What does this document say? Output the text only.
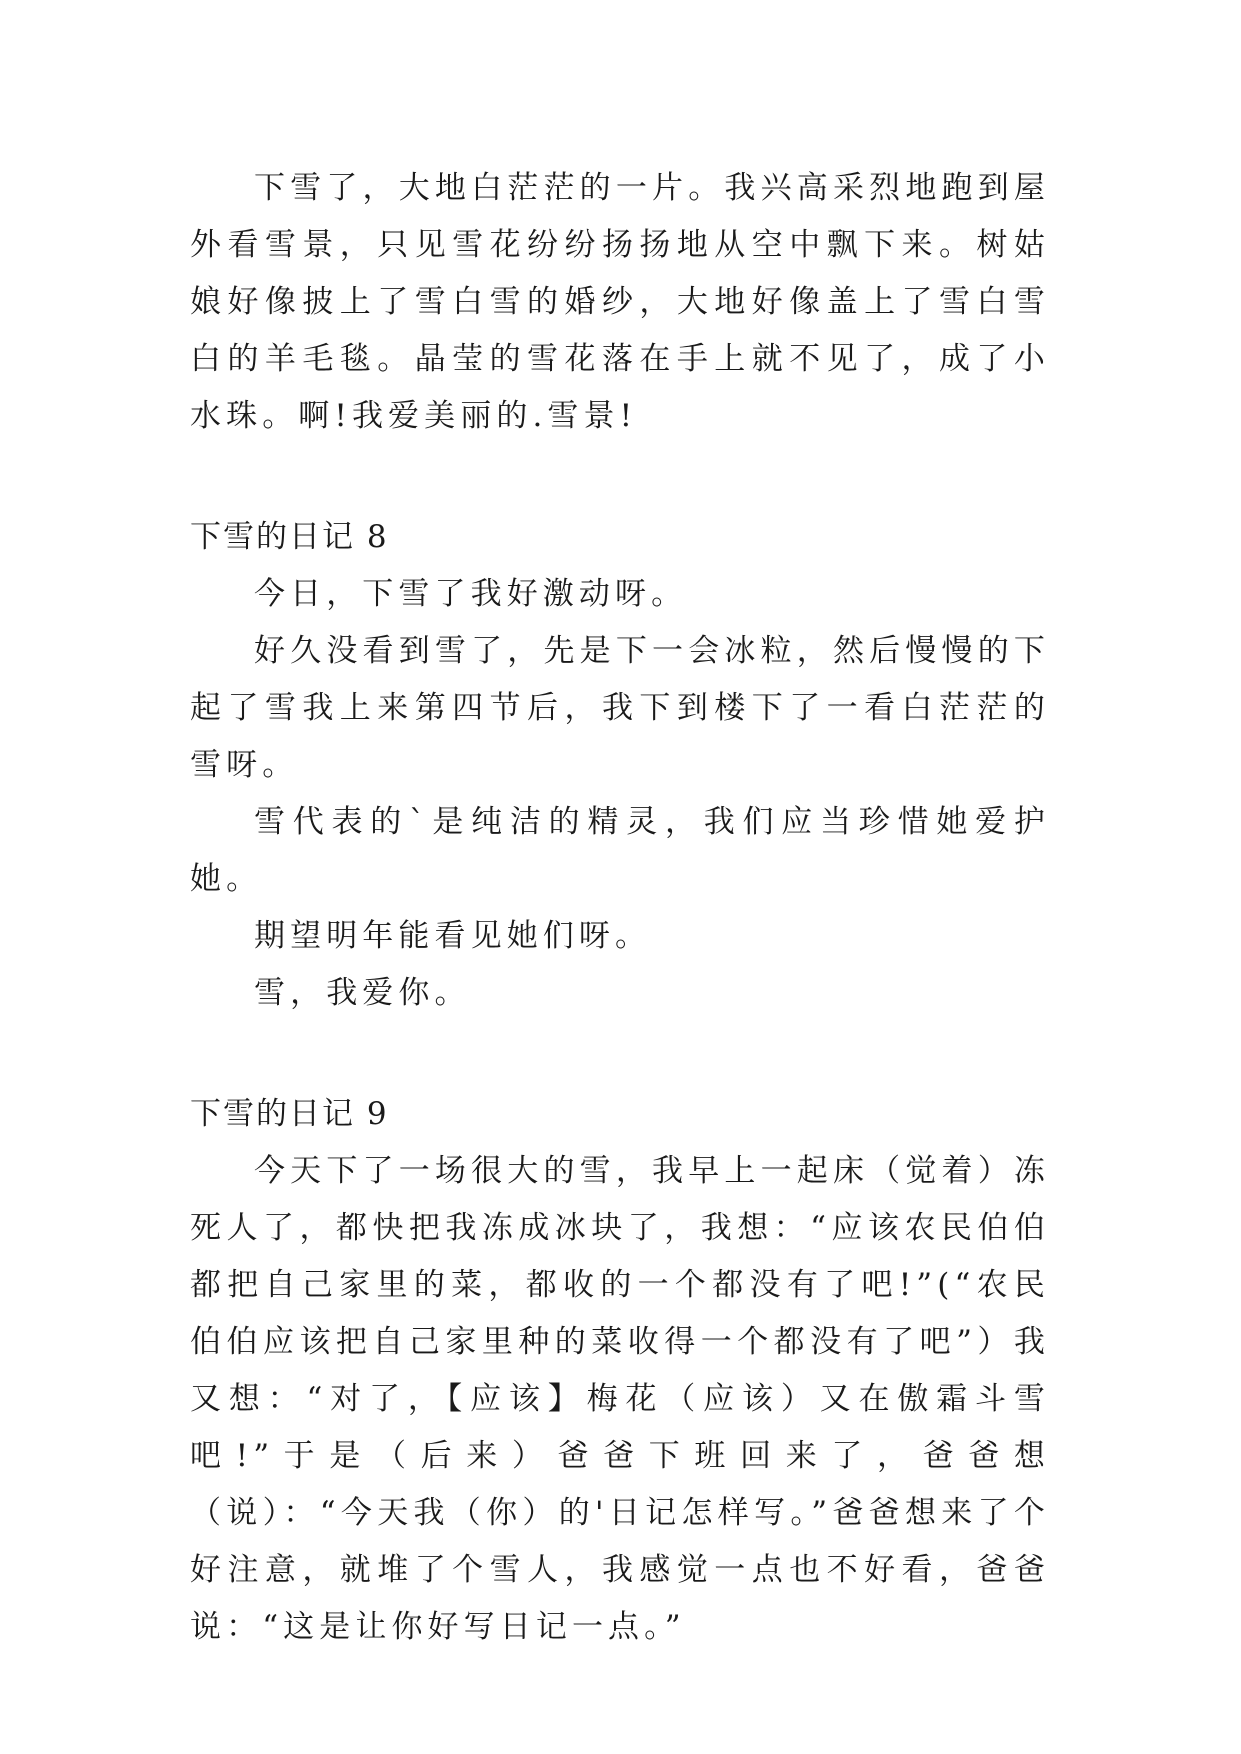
下雪了，大地白茫茫的一片。我兴高采烈地跑到屋外看雪景，只见雪花纷纷扬扬地从空中飘下来。树姑娘好像披上了雪白雪的婚纱，大地好像盖上了雪白雪白的羊毛毯。晶莹的雪花落在手上就不见了，成了小水珠。啊!我爱美丽的.雪景!

下雪的日记 8

今日，下雪了我好激动呀。

好久没看到雪了，先是下一会冰粒，然后慢慢的下起了雪我上来第四节后，我下到楼下了一看白茫茫的雪呀。

雪代表的`是纯洁的精灵，我们应当珍惜她爱护她。

期望明年能看见她们呀。

雪，我爱你。

下雪的日记 9

今天下了一场很大的雪，我早上一起床（觉着）冻死人了，都快把我冻成冰块了，我想：“应该农民伯伯都把自己家里的菜，都收的一个都没有了吧!”(“农民伯伯应该把自己家里种的菜收得一个都没有了吧”）我又想：“对了，【应该】梅花（应该）又在傲霜斗雪吧!”于是（后来）爸爸下班回来了，爸爸想（说）：“今天我（你）的'日记怎样写。”爸爸想来了个好注意，就堆了个雪人，我感觉一点也不好看，爸爸说：“这是让你好写日记一点。”
